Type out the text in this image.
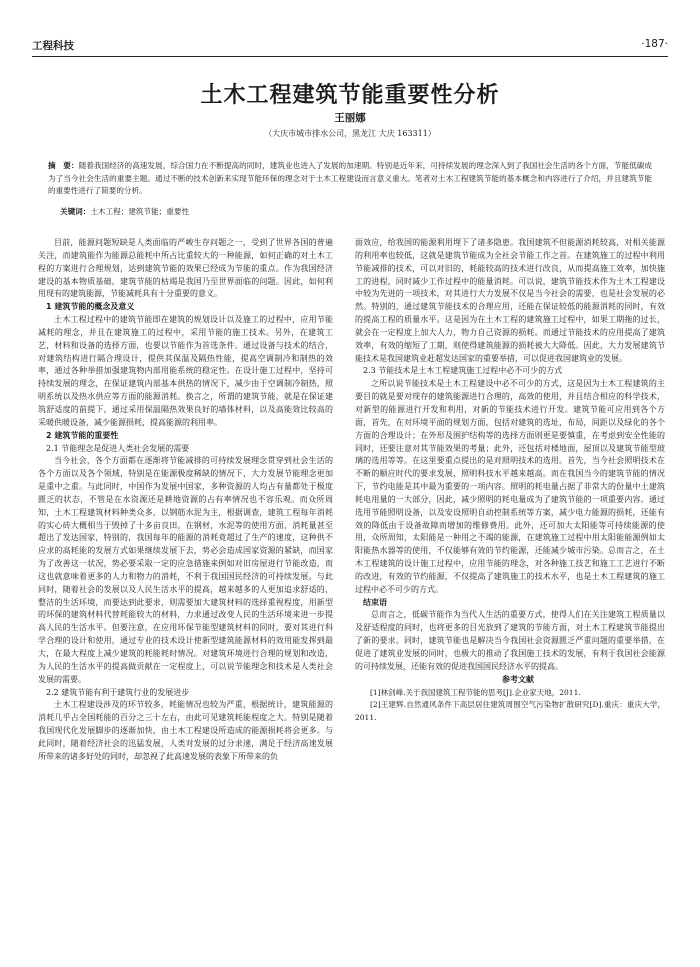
工程科技	·187·
土木工程建筑节能重要性分析
王丽娜
（大庆市城市排水公司，黑龙江 大庆 163311）
摘　要：随着我国经济的高速发展，综合国力在不断提高的同时，建筑业也进入了发展的加速期。特别是近年来，可持续发展的理念深入到了我国社会生活的各个方面，节能低碳成为了当今社会生活的重要主题。通过不断的技术创新来实现节能环保的理念对于土木工程建设而言意义重大。笔者对土木工程建筑节能的基本概念和内容进行了介绍，并且建筑节能的重要性进行了简要的分析。
关键词：土木工程；建筑节能；重要性

目前，能源问题短缺是人类面临的严峻生存问题之一，受到了世界各国的普遍关注，而建筑能作为能源总能耗中所占比重较大的一种能源，如何正确的对土木工程的方案进行合理规划，达到建筑节能的效果已经成为节能的重点。作为我国经济建设的基本物质基础，建筑节能的枯竭是我国乃至世界面临的问题。因此，如何利用现有的建筑能源，节能减耗具有十分重要的意义。

1 建筑节能的概念及意义

土木工程过程中的建筑节能即在建筑的规划设计以及施工的过程中，应用节能减耗的理念，并且在建筑施工的过程中，采用节能的施工技术。另外，在建筑工艺，材料和设备的选择方面，也要以节能作为首选条件。通过设备与技术的结合，对建筑结构进行隔合理设计，提供其保温及隔热性能，提高空调制冷和制热的效率，通过各种举措加强建筑物内部用能系统的稳定性。在设计施工过程中，坚持可持续发展的理念，在保证建筑内部基本供热的情况下，减少由于空调制冷制热，照明系统以及热水供应等方面的能源消耗。换言之，所谓的建筑节能，就是在保证建筑舒适度的前提下，通过采用保温隔热效果良好的墙体材料，以及高能效比较高的采暖供暖设备，减少能源损耗，提高能源的利用率。

2 建筑节能的重要性

2.1 节能理念是促进人类社会发展的需要

当今社会，各个方面都在逐渐将节能减排的可持续发展理念贯穿到社会生活的各个方面以及各个领域，特别是在能源极度稀缺的情况下，大力发展节能理念更加是重中之重。与此同时，中国作为发展中国家，多种资源的人均占有量都处于极度匮乏的状态，不管是在水资源还是耕地资源的占有率情况也不容乐观。而众所周知，土木工程建筑材料种类众多，以钢筋水泥为主，根据调查，建筑工程每年消耗的实心砖大概相当于毁掉了十多亩良田。在钢材，水泥等的使用方面，消耗量甚至超出了发达国家，特别的，我国每年的能源的消耗竟超过了生产的速度，这种供不应求的高耗能的发展方式如果继续发展下去，势必会造成国家资源的紧缺，而国家为了改善这一状况，势必要采取一定的应急措施来例如对旧房屋进行节能改造，而这也就意味着更多的人力和物力的消耗，不利于我国国民经济的可持续发展。与此同时，随着社会的发展以及人民生活水平的提高，越来越多的人更加追求舒适的，整洁的生活环境，而要达到此要求，则需要加大建筑材料的选择重视程度，用新型的环保的建筑材料代替耗能较大的材料，力求通过改变人民的生活环境来进一步提高人民的生活水平。但要注意，在应用环保节能型建筑材料的同时，要对其进行科学合理的设计和使用，通过专业的技术设计使新型建筑能源材料的效用能发挥到最大，在最大程度上减少建筑的耗能耗时情况。对建筑环境进行合理的规划和改造，为人民的生活水平的提高做贡献在一定程度上，可以说节能理念和技术是人类社会发展的需要。

2.2 建筑节能有利于建筑行业的发展进步

土木工程建设涉及的环节较多，耗能情况也较为严重，根据统计，建筑能源的消耗几乎占全国耗能的百分之三十左右，由此可见建筑耗能程度之大。特别是随着我国现代化发展脚步的逐渐加快，由土木工程建设所造成的能源损耗将会更多。与此同时，随着经济社会的迅猛发展，人类对发展的过分求速，满足于经济高速发展所带来的诸多好处的同时，却忽视了此高速发展的表象下所带来的负

面效应，给我国的能源利用埋下了诸多隐患。我国建筑不但能源消耗较高，对相关能源的利用率也较低，这就是建筑节能成为全社会节能工作之首。在建筑施工的过程中利用节能减排的技术，可以对旧的，耗能较高的技术进行改良，从而提高施工效率，加快施工的进程，同时减少工作过程中的能量消耗。可以说，建筑节能技术作为土木工程建设中较为先进的一项技术，对其进行大力发展不仅是当今社会的需要，也是社会发展的必然。特别的，通过建筑节能技术的合理应用，还能在保证较低的能源消耗的同时，有效的提高工程的质量水平。这是因为在土木工程的建筑施工过程中，如果工期拖的过长，就会在一定程度上加大人力，物力自己资源的损耗。而通过节能技术的应用提高了建筑效率，有效的缩短了工期，则使得建筑能源的损耗被大大降低。因此，大力发展建筑节能技术是我国建筑业赶超发达国家的重要举措，可以促进我国建筑业的发展。

2.3 节能技术是土木工程建筑施工过程中必不可少的方式

之所以说节能技术是土木工程建设中必不可少的方式，这是因为土木工程建筑的主要目的就是要对现存的建筑能源进行合理的，高效的使用，并且结合相应的科学技术，对新型的能源进行开发和利用，对新的节能技术进行开发。建筑节能可应用到各个方面，首先，在对环境平面的规划方面，包括对建筑的选址，布局，间距以及绿化的各个方面的合理设计；在外形及围护结构等的选择方面则更是要慎重，在考虑到安全性能的同时，还要注意对其节能效果的考量；此外，还包括对楼地面，屋顶以及建筑节能型玻璃的选用等等。在这里要重点提出的是对照明技术的选用。首先，当今社会照明技术在不断的顺应时代的要求发展，照明科技水平越来越高。而在我国当今的建筑节能的情况下，节约电能是其中最为重要的一项内容。照明的耗电量占据了非常大的份量中土建筑耗电用量的一大部分，因此，减少照明的耗电量成为了建筑节能的一项重要内容。通过选用节能照明设备，以及安设照明自动控制系统等方案，减少电力能源的损耗，还能有效的降低由于设备故障而增加的维修费用。此外，还可加大太阳能等可持续能源的使用，众所周知，太阳能是一种用之不竭的能源，在建筑施工过程中用太阳能能源例如太阳能热水器等的使用，不仅能够有效的节约能源，还能减少城市污染。总而言之，在土木工程建筑的设计施工过程中，应用节能的理念，对各种施工技艺和施工工艺进行不断的改进，有效的节约能源，不仅提高了建筑施工的技术水平，也是土木工程建筑的施工过程中必不可少的方式。

结束语

总而言之，低碳节能作为当代人生活的重要方式，使得人们在关注建筑工程质量以及舒适程度的同时，也将更多的目光放到了建筑的节能方面，对土木工程建筑节能提出了新的要求。同时，建筑节能也是解决当今我国社会资源匮乏严重问题的重要举措，在促进了建筑业发展的同时，也极大的推动了我国施工技术的发展，有利于我国社会能源的可持续发展，还能有效的促进我国国民经济水平的提高。

参考文献

[1]林剑峰.关于我国建筑工程节能的思考[J].企业家天地，2011.

[2]王建辉.自然通风条件下高层居住建筑周围空气污染物扩散研究[D].重庆：重庆大学，2011.
